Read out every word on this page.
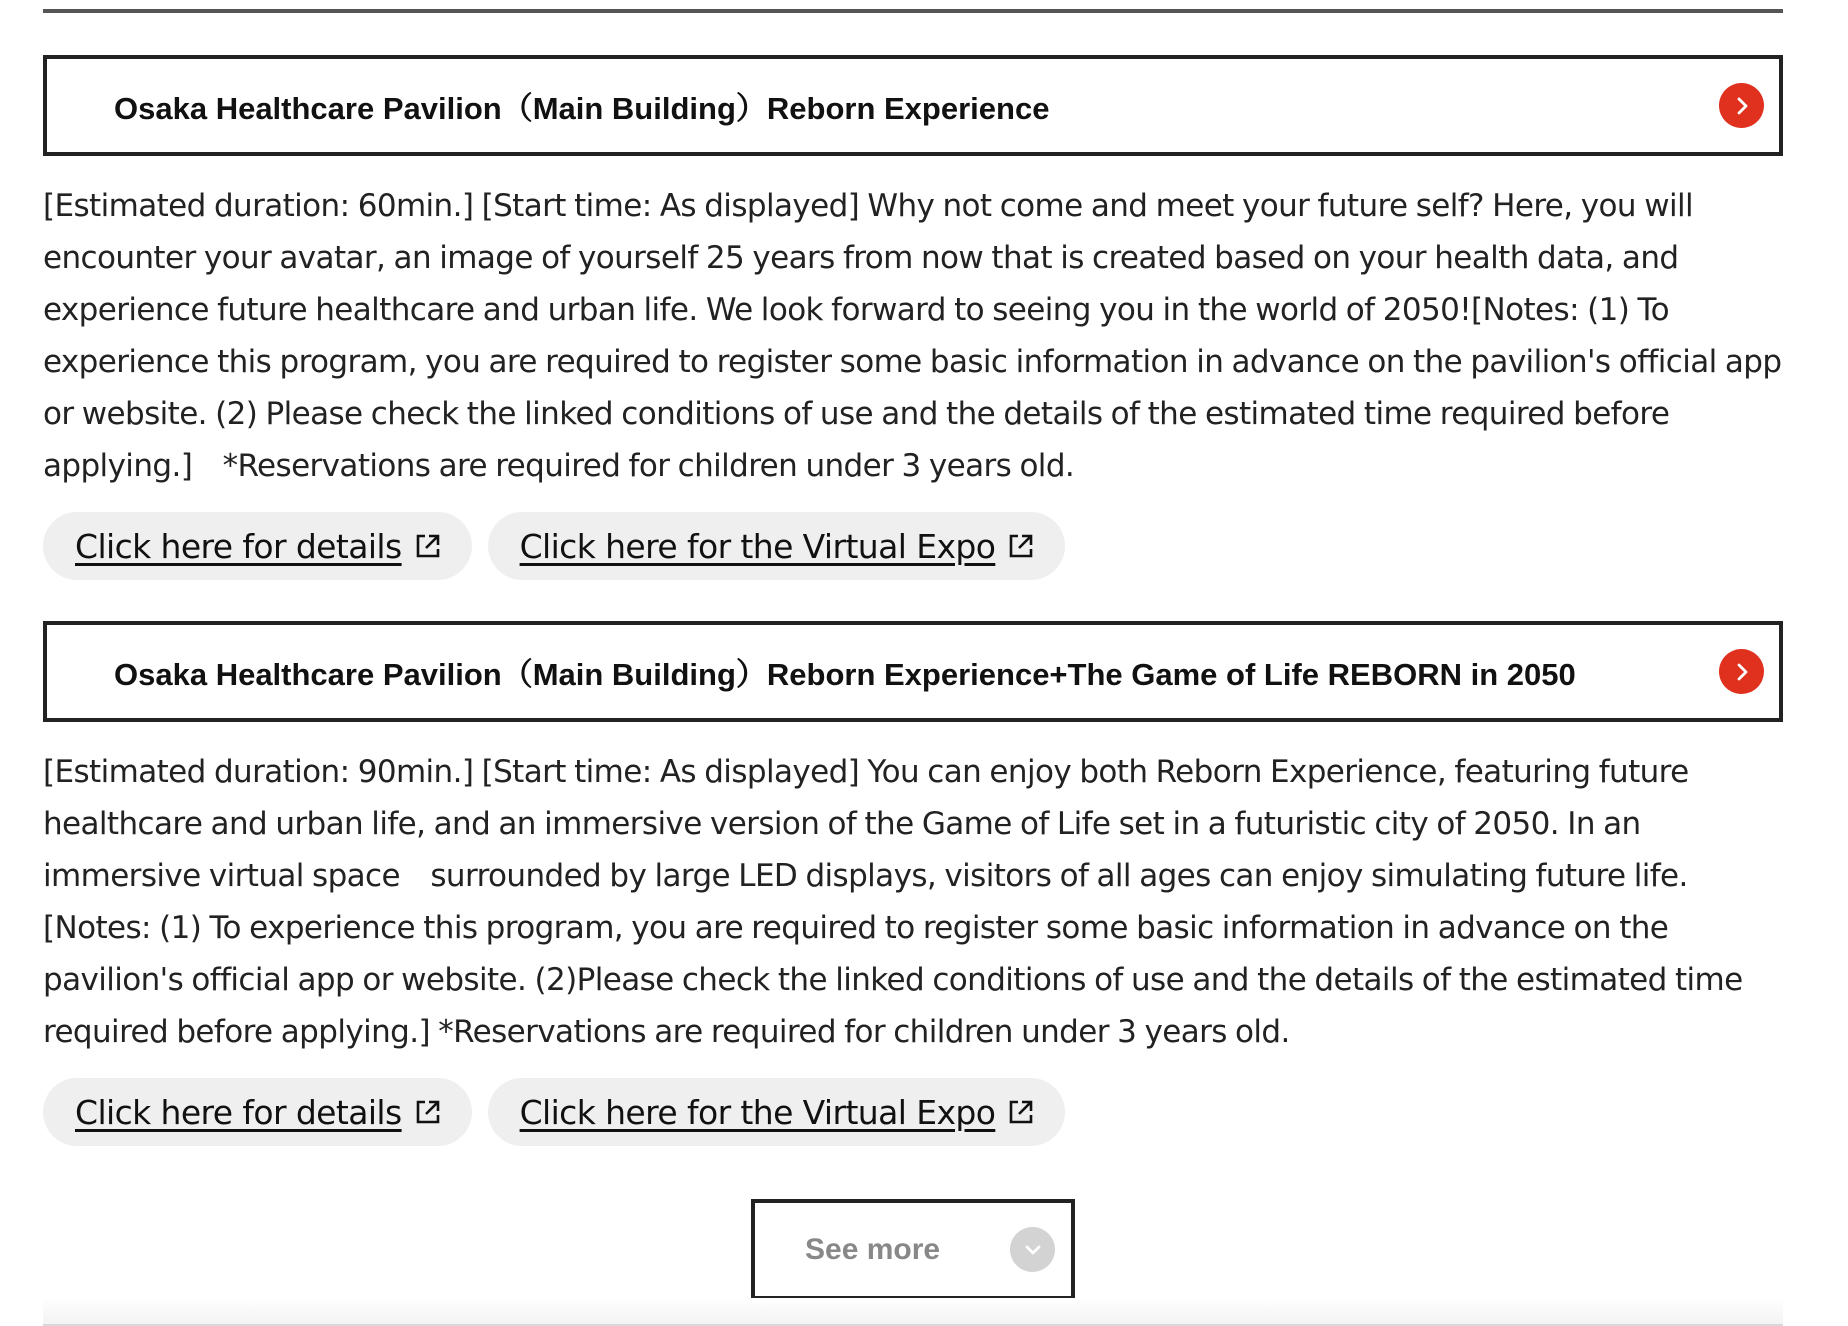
Osaka Healthcare Pavilion（Main Building）Reborn Experience

[Estimated duration: 60min.] [Start time: As displayed] Why not come and meet your future self? Here, you will encounter your avatar, an image of yourself 25 years from now that is created based on your health data, and experience future healthcare and urban life. We look forward to seeing you in the world of 2050![Notes: (1) To experience this program, you are required to register some basic information in advance on the pavilion's official app or website. (2) Please check the linked conditions of use and the details of the estimated time required before applying.]　*Reservations are required for children under 3 years old.

Click here for details	Click here for the Virtual Expo
Osaka Healthcare Pavilion（Main Building）Reborn Experience+The Game of Life REBORN in 2050

[Estimated duration: 90min.] [Start time: As displayed] You can enjoy both Reborn Experience, featuring future healthcare and urban life, and an immersive version of the Game of Life set in a futuristic city of 2050. In an immersive virtual space　surrounded by large LED displays, visitors of all ages can enjoy simulating future life. [Notes: (1) To experience this program, you are required to register some basic information in advance on the pavilion's official app or website. (2)Please check the linked conditions of use and the details of the estimated time required before applying.] *Reservations are required for children under 3 years old.

Click here for details	Click here for the Virtual Expo
See more
